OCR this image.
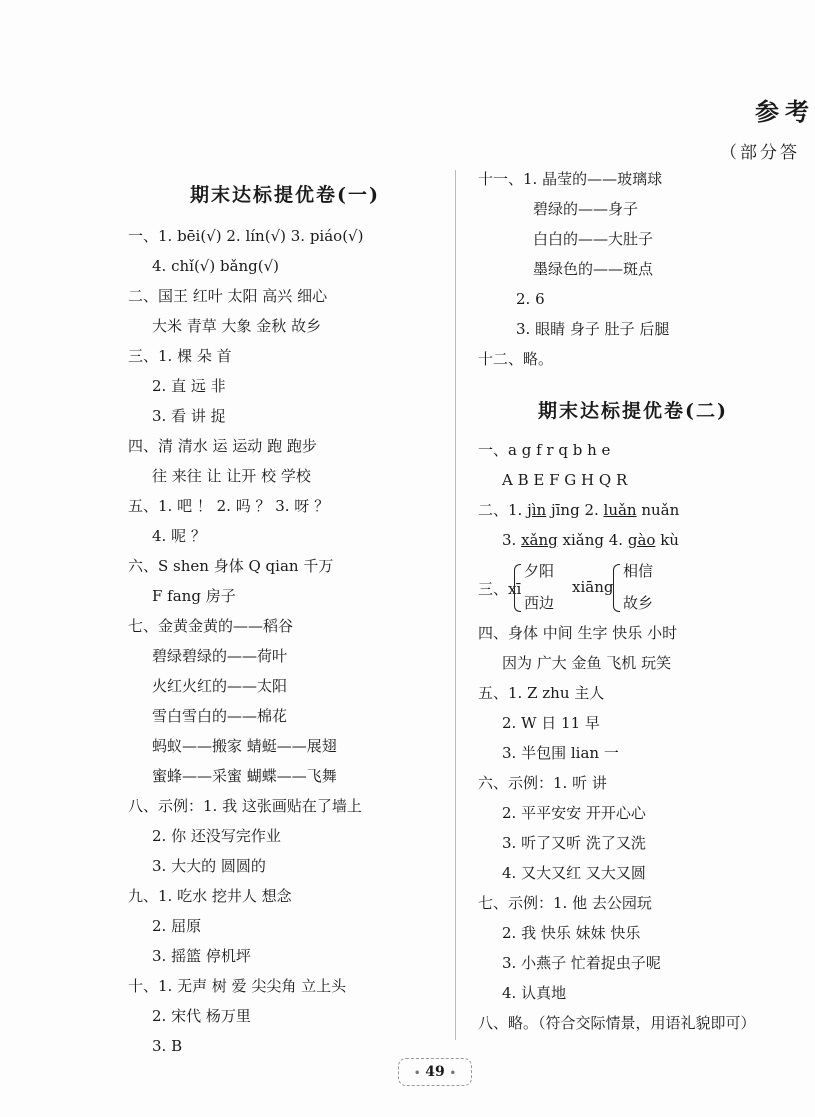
参考
（部分答
期末达标提优卷(一)
一、1. bēi(√) 2. lín(√) 3. piáo(√)
4. chǐ(√) bǎng(√)
二、国王 红叶 太阳 高兴 细心
大米 青草 大象 金秋 故乡
三、1. 棵 朵 首
2. 直 远 非
3. 看 讲 捉
四、清 清水 运 运动 跑 跑步
往 来往 让 让开 校 学校
五、1. 吧 ！ 2. 吗 ？ 3. 呀 ？
4. 呢 ？
六、S shen 身体 Q qian 千万
F fang 房子
七、金黄金黄的——稻谷
碧绿碧绿的——荷叶
火红火红的——太阳
雪白雪白的——棉花
蚂蚁——搬家 蜻蜓——展翅
蜜蜂——采蜜 蝴蝶——飞舞
八、示例：1. 我 这张画贴在了墙上
2. 你 还没写完作业
3. 大大的 圆圆的
九、1. 吃水 挖井人 想念
2. 屈原
3. 摇篮 停机坪
十、1. 无声 树 爱 尖尖角 立上头
2. 宋代 杨万里
3. B
十一、1. 晶莹的——玻璃球
碧绿的——身子
白白的——大肚子
墨绿色的——斑点
2. 6
3. 眼睛 身子 肚子 后腿
十二、略。
期末达标提优卷(二)
一、a g f r q b h e
A B E F G H Q R
二、1. jìn jīng 2. luǎn nuǎn
3. xǎng xiǎng 4. gào kù
三、xī
夕阳
西边
xiāng
相信
故乡
四、身体 中间 生字 快乐 小时
因为 广大 金鱼 飞机 玩笑
五、1. Z zhu 主人
2. W 日 11 早
3. 半包围 lian 一
六、示例：1. 听 讲
2. 平平安安 开开心心
3. 听了又听 洗了又洗
4. 又大又红 又大又圆
七、示例：1. 他 去公园玩
2. 我 快乐 妹妹 快乐
3. 小燕子 忙着捉虫子呢
4. 认真地
八、略。（符合交际情景，用语礼貌即可）
• 49 •
